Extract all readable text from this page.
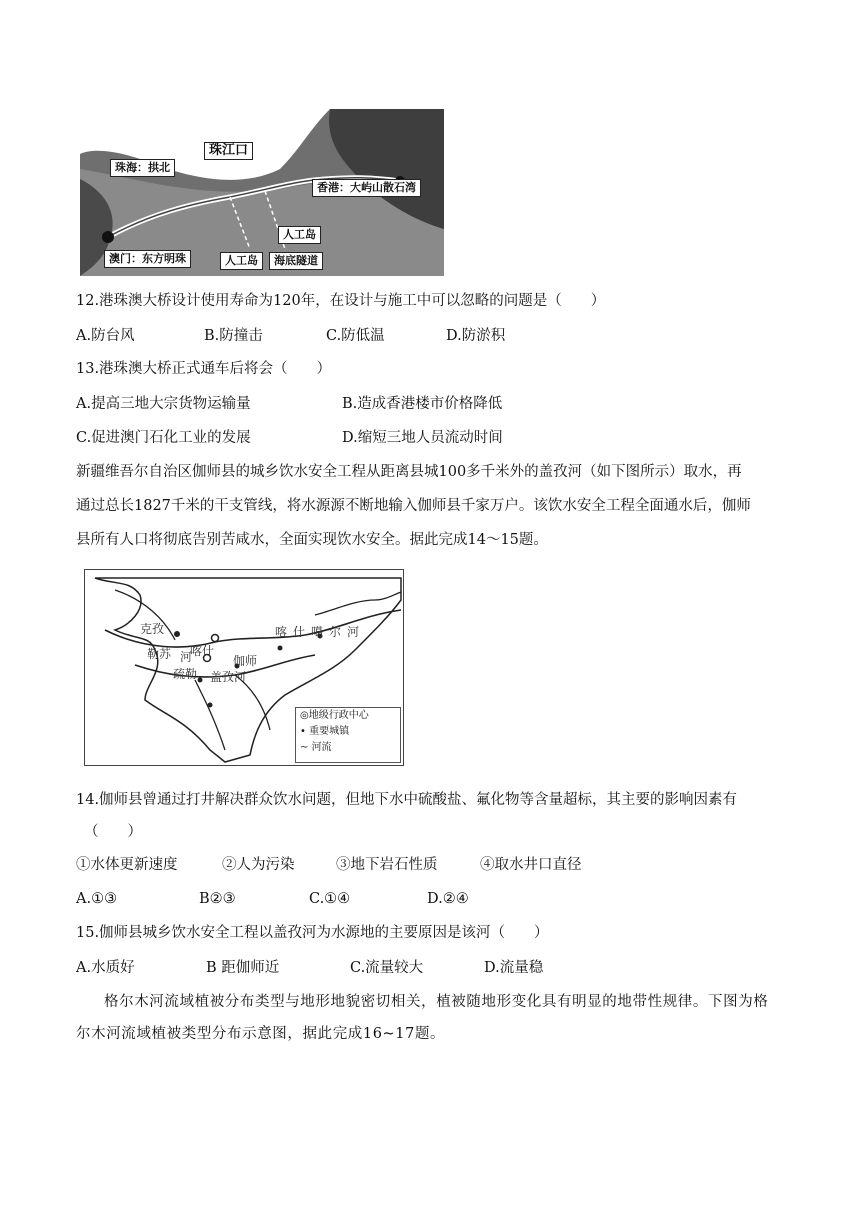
珠江口
珠海：拱北
香港：大屿山散石湾
人工岛
澳门：东方明珠	人工岛	海底隧道
12.港珠澳大桥设计使用寿命为120年，在设计与施工中可以忽略的问题是（　　）
A.防台风	B.防撞击	C.防低温	D.防淤积
13.港珠澳大桥正式通车后将会（　　）
A.提高三地大宗货物运输量	B.造成香港楼市价格降低
C.促进澳门石化工业的发展	D.缩短三地人员流动时间
新疆维吾尔自治区伽师县的城乡饮水安全工程从距离县城100多千米外的盖孜河（如下图所示）取水，再
通过总长1827千米的干支管线，将水源源不断地输入伽师县千家万户。该饮水安全工程全面通水后，伽师
县所有人口将彻底告别苦咸水，全面实现饮水安全。据此完成14～15题。
克孜
勒苏 河
喀什
疏勒
伽师
盖孜河
喀什噶尔河
◎地级行政中心
• 重要城镇
∼ 河流
14.伽师县曾通过打井解决群众饮水问题，但地下水中硫酸盐、氟化物等含量超标，其主要的影响因素有
（　　）
①水体更新速度	②人为污染	③地下岩石性质	④取水井口直径
A.①③	B②③	C.①④	D.②④
15.伽师县城乡饮水安全工程以盖孜河为水源地的主要原因是该河（　　）
A.水质好	B 距伽师近	C.流量较大	D.流量稳
格尔木河流域植被分布类型与地形地貌密切相关，植被随地形变化具有明显的地带性规律。下图为格
尔木河流域植被类型分布示意图，据此完成16~17题。
